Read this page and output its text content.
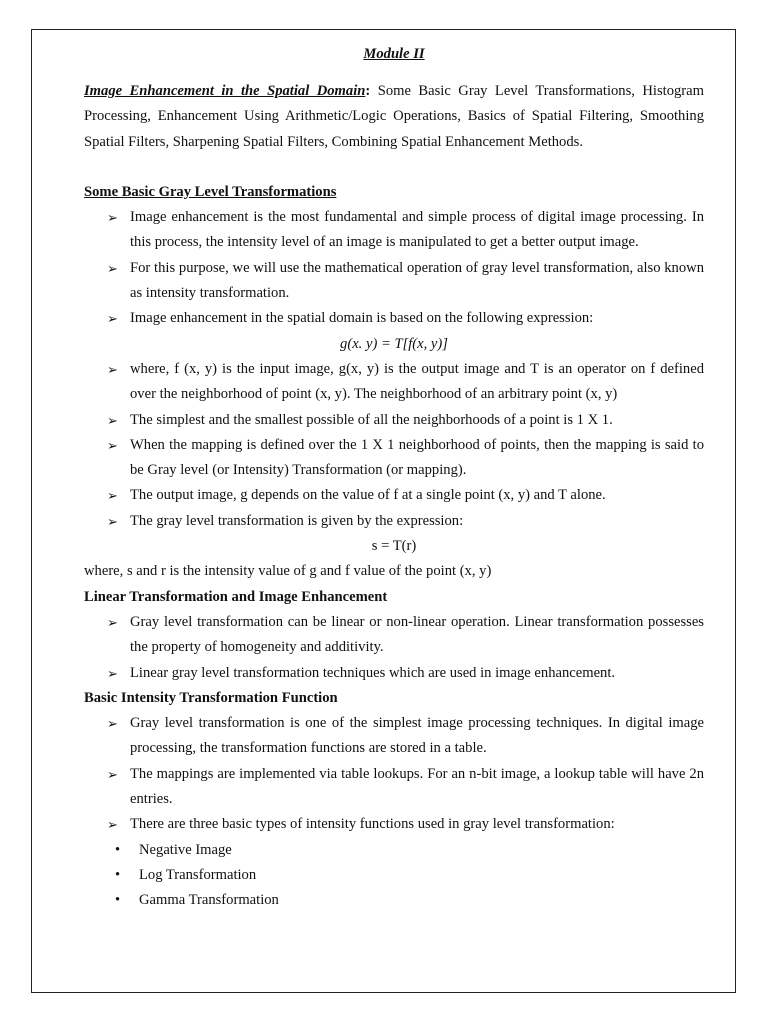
Module II

Image Enhancement in the Spatial Domain: Some Basic Gray Level Transformations, Histogram Processing, Enhancement Using Arithmetic/Logic Operations, Basics of Spatial Filtering, Smoothing Spatial Filters, Sharpening Spatial Filters, Combining Spatial Enhancement Methods.

Some Basic Gray Level Transformations

➢ Image enhancement is the most fundamental and simple process of digital image processing. In this process, the intensity level of an image is manipulated to get a better output image.
➢ For this purpose, we will use the mathematical operation of gray level transformation, also known as intensity transformation.
➢ Image enhancement in the spatial domain is based on the following expression:

g(x. y) = T[f(x, y)]

➢ where, f (x, y) is the input image, g(x, y) is the output image and T is an operator on f defined over the neighborhood of point (x, y). The neighborhood of an arbitrary point (x, y)
➢ The simplest and the smallest possible of all the neighborhoods of a point is 1 X 1.
➢ When the mapping is defined over the 1 X 1 neighborhood of points, then the mapping is said to be Gray level (or Intensity) Transformation (or mapping).
➢ The output image, g depends on the value of f at a single point (x, y) and T alone.
➢ The gray level transformation is given by the expression:

s = T(r)

where, s and r is the intensity value of g and f value of the point (x, y)

Linear Transformation and Image Enhancement

➢ Gray level transformation can be linear or non-linear operation. Linear transformation possesses the property of homogeneity and additivity.
➢ Linear gray level transformation techniques which are used in image enhancement.

Basic Intensity Transformation Function

➢ Gray level transformation is one of the simplest image processing techniques. In digital image processing, the transformation functions are stored in a table.
➢ The mappings are implemented via table lookups. For an n-bit image, a lookup table will have 2n entries.
➢ There are three basic types of intensity functions used in gray level transformation:
• Negative Image
• Log Transformation
• Gamma Transformation
